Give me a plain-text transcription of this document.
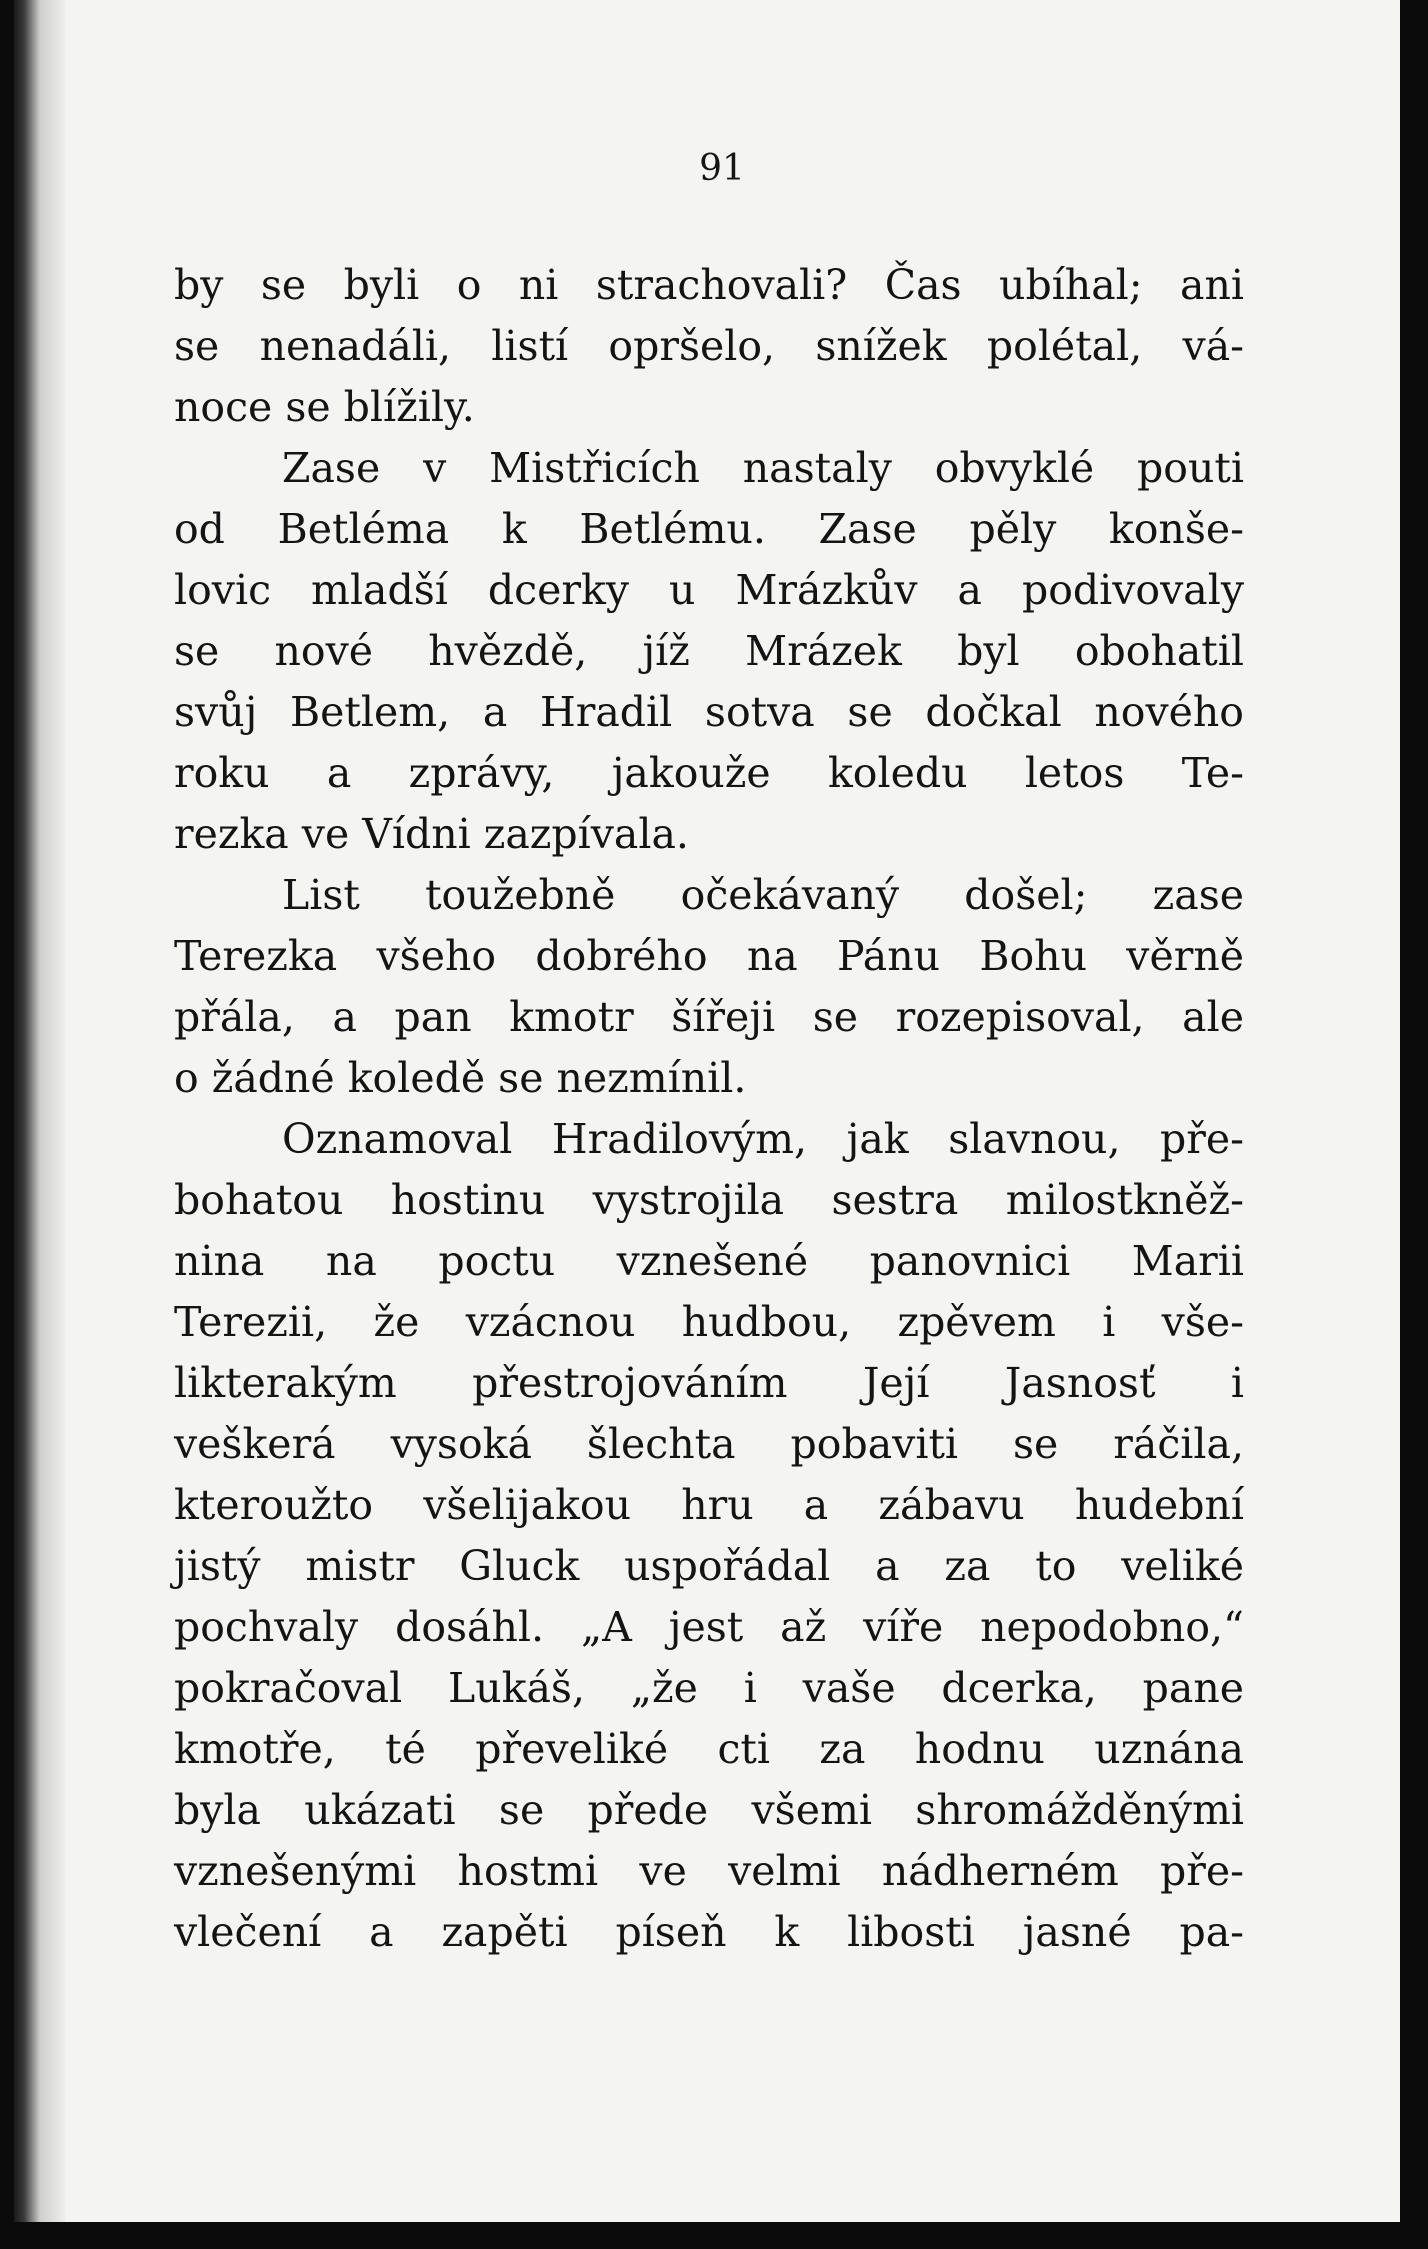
91
by se byli o ni strachovali? Čas ubíhal; ani
se nenadáli, listí opršelo, snížek polétal, vá-
noce se blížily.
Zase v Mistřicích nastaly obvyklé pouti
od Betléma k Betlému. Zase pěly konše-
lovic mladší dcerky u Mrázkův a podivovaly
se nové hvězdě, jíž Mrázek byl obohatil
svůj Betlem, a Hradil sotva se dočkal nového
roku a zprávy, jakouže koledu letos Te-
rezka ve Vídni zazpívala.
List toužebně očekávaný došel; zase
Terezka všeho dobrého na Pánu Bohu věrně
přála, a pan kmotr šířeji se rozepisoval, ale
o žádné koledě se nezmínil.
Oznamoval Hradilovým, jak slavnou, pře-
bohatou hostinu vystrojila sestra milostkněž-
nina na poctu vznešené panovnici Marii
Terezii, že vzácnou hudbou, zpěvem i vše-
likterakým přestrojováním Její Jasnosť i
veškerá vysoká šlechta pobaviti se ráčila,
kteroužto všelijakou hru a zábavu hudební
jistý mistr Gluck uspořádal a za to veliké
pochvaly dosáhl. „A jest až víře nepodobno,“
pokračoval Lukáš, „že i vaše dcerka, pane
kmotře, té převeliké cti za hodnu uznána
byla ukázati se přede všemi shromážděnými
vznešenými hostmi ve velmi nádherném pře-
vlečení a zapěti píseň k libosti jasné pa-
